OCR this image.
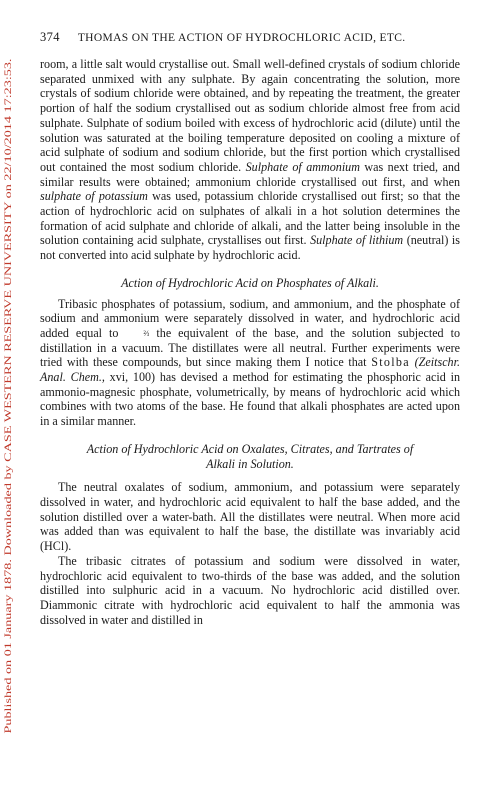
Published on 01 January 1878. Downloaded by CASE WESTERN RESERVE UNIVERSITY on 22/10/2014 17:23:53.
374 THOMAS ON THE ACTION OF HYDROCHLORIC ACID, ETC.

room, a little salt would crystallise out. Small well-defined crystals of sodium chloride separated unmixed with any sulphate. By again concentrating the solution, more crystals of sodium chloride were obtained, and by repeating the treatment, the greater portion of half the sodium crystallised out as sodium chloride almost free from acid sulphate. Sulphate of sodium boiled with excess of hydrochloric acid (dilute) until the solution was saturated at the boiling temperature deposited on cooling a mixture of acid sulphate of sodium and sodium chloride, but the first portion which crystallised out contained the most sodium chloride. Sulphate of ammonium was next tried, and similar results were obtained; ammonium chloride crystallised out first, and when sulphate of potassium was used, potassium chloride crystallised out first; so that the action of hydrochloric acid on sulphates of alkali in a hot solution determines the formation of acid sulphate and chloride of alkali, and the latter being insoluble in the solution containing acid sulphate, crystallises out first. Sulphate of lithium (neutral) is not converted into acid sulphate by hydrochloric acid.

Action of Hydrochloric Acid on Phosphates of Alkali.

Tribasic phosphates of potassium, sodium, and ammonium, and the phosphate of sodium and ammonium were separately dissolved in water, and hydrochloric acid added equal to	⅔ the equivalent of the base, and the solution subjected to distillation in a vacuum. The distillates were all neutral. Further experiments were tried with these compounds, but since making them I notice that Stolba (Zeitschr. Anal. Chem., xvi, 100) has devised a method for estimating the phosphoric acid in ammonio-magnesic phosphate, volumetrically, by means of hydrochloric acid which combines with two atoms of the base. He found that alkali phosphates are acted upon in a similar manner.

Action of Hydrochloric Acid on Oxalates, Citrates, and Tartrates of
Alkali in Solution.

The neutral oxalates of sodium, ammonium, and potassium were separately dissolved in water, and hydrochloric acid equivalent to half the base added, and the solution distilled over a water-bath. All the distillates were neutral. When more acid was added than was equivalent to half the base, the distillate was invariably acid (HCl).

The tribasic citrates of potassium and sodium were dissolved in water, hydrochloric acid equivalent to two-thirds of the base was added, and the solution distilled into sulphuric acid in a vacuum. No hydrochloric acid distilled over. Diammonic citrate with hydrochloric acid equivalent to half the ammonia was dissolved in water and distilled in
